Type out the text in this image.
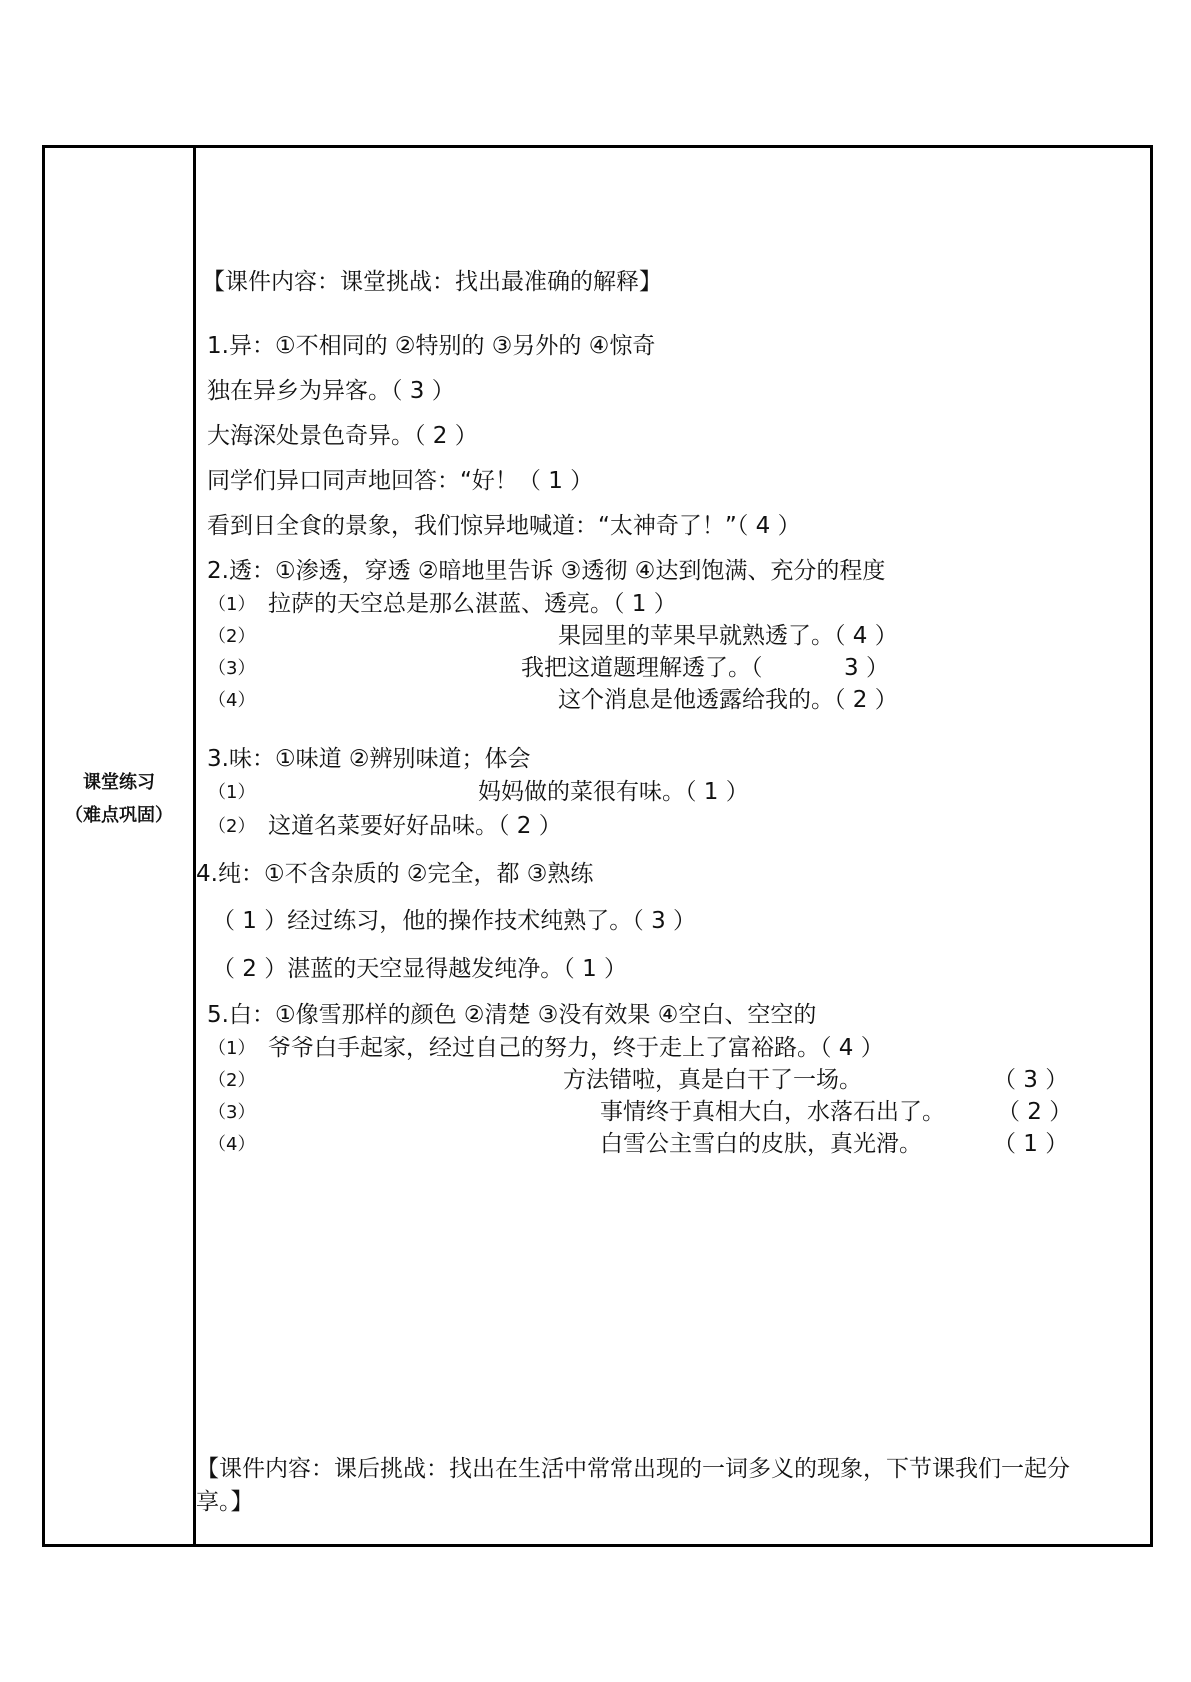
课堂练习
（难点巩固）
【课件内容：课堂挑战：找出最准确的解释】
1.异：①不相同的 ②特别的 ③另外的 ④惊奇
独在异乡为异客。（ 3 ）
大海深处景色奇异。（ 2 ）
同学们异口同声地回答：“好！（ 1 ）
看到日全食的景象，我们惊异地喊道：“太神奇了！”（ 4 ）
2.透：①渗透，穿透 ②暗地里告诉 ③透彻 ④达到饱满、充分的程度
（1） 拉萨的天空总是那么湛蓝、透亮。（ 1 ）
（2）	果园里的苹果早就熟透了。（ 4 ）
（3）	我把这道题理解透了。（	3 ）
（4）	这个消息是他透露给我的。（ 2 ）
3.味：①味道 ②辨别味道；体会
（1）	妈妈做的菜很有味。（ 1 ）
（2） 这道名菜要好好品味。（ 2 ）
4.纯：①不含杂质的 ②完全，都 ③熟练
（ 1 ）经过练习，他的操作技术纯熟了。（ 3 ）
（ 2 ）湛蓝的天空显得越发纯净。（ 1 ）
5.白：①像雪那样的颜色 ②清楚 ③没有效果 ④空白、空空的
（1） 爷爷白手起家，经过自己的努力，终于走上了富裕路。（ 4 ）
（2）	方法错啦，真是白干了一场。	（ 3 ）
（3）	事情终于真相大白，水落石出了。 （ 2 ）
（4）	白雪公主雪白的皮肤，真光滑。	（ 1 ）
【课件内容：课后挑战：找出在生活中常常出现的一词多义的现象，下节课我们一起分
享。】
